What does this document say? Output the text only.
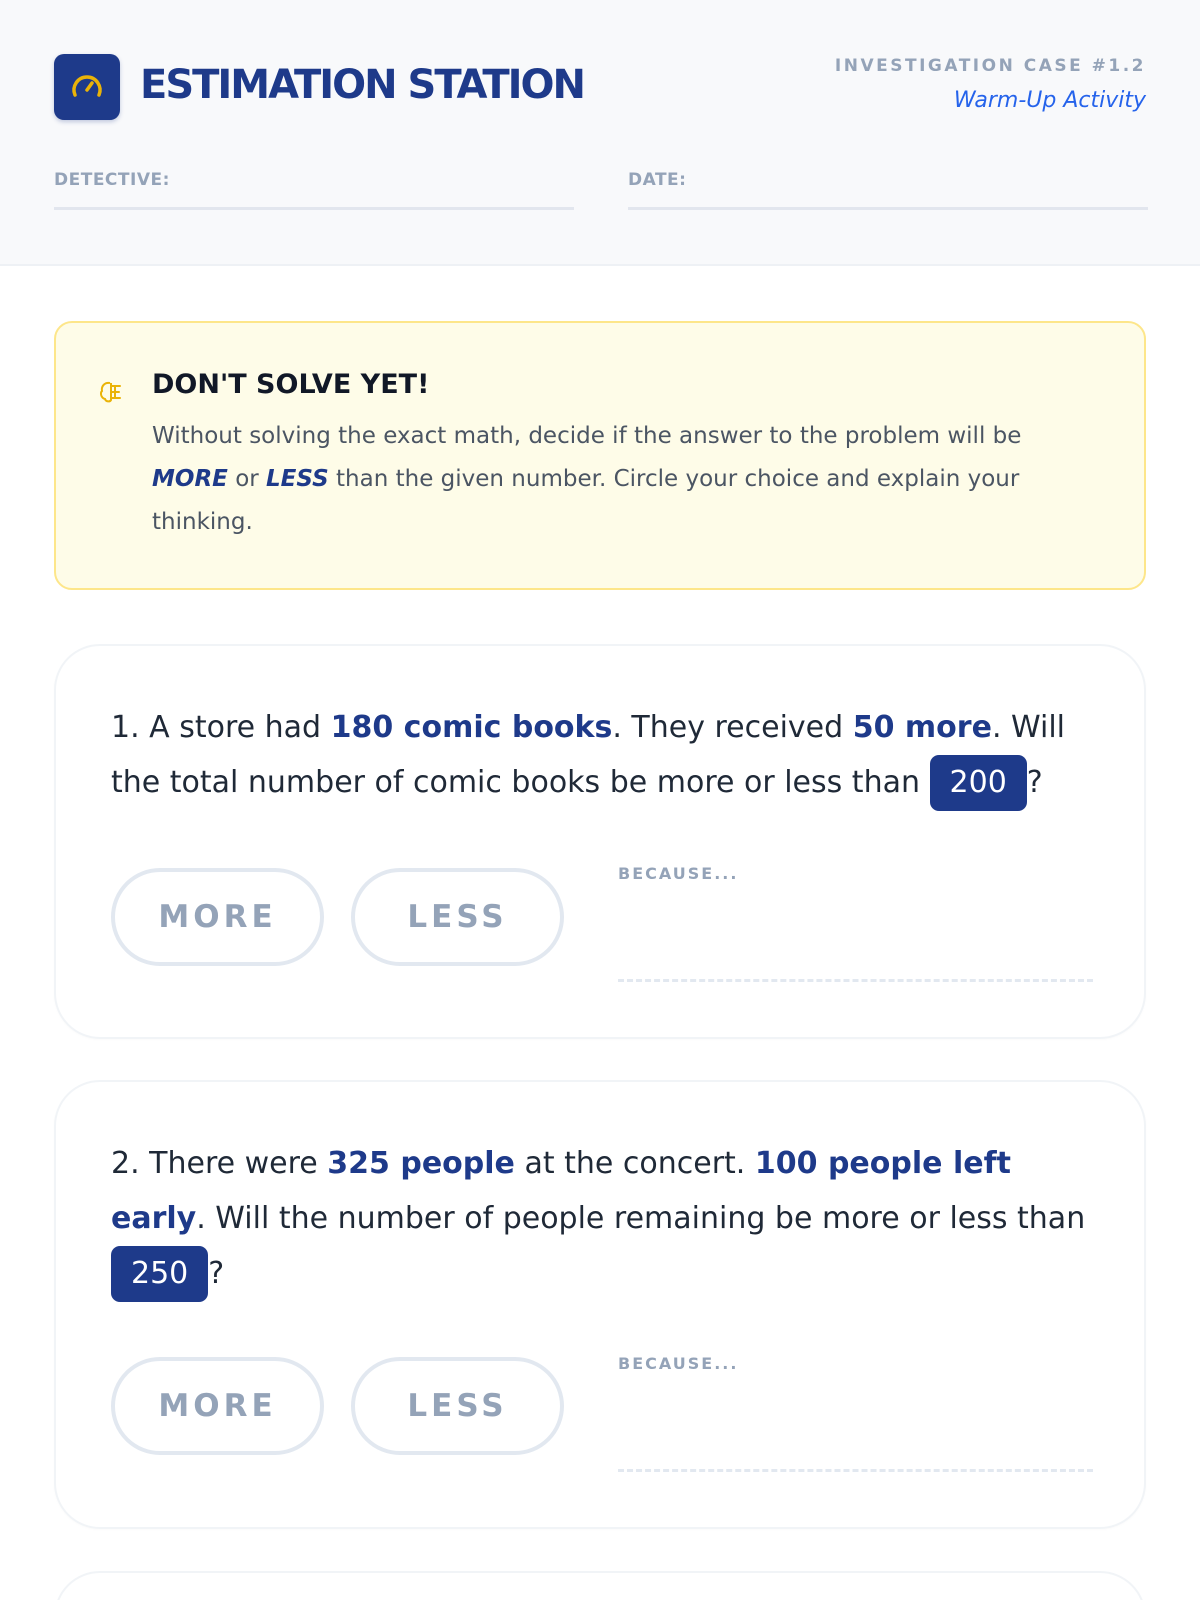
ESTIMATION STATION	INVESTIGATION CASE #1.2
Warm-Up Activity
DETECTIVE:	DATE:
DON'T SOLVE YET!

Without solving the exact math, decide if the answer to the problem will be MORE or LESS than the given number. Circle your choice and explain your thinking.

1. A store had 180 comic books. They received 50 more. Will the total number of comic books be more or less than 200 ?
MORE	LESS
BECAUSE...
2. There were 325 people at the concert. 100 people left early. Will the number of people remaining be more or less than 250 ?
MORE	LESS
BECAUSE...
